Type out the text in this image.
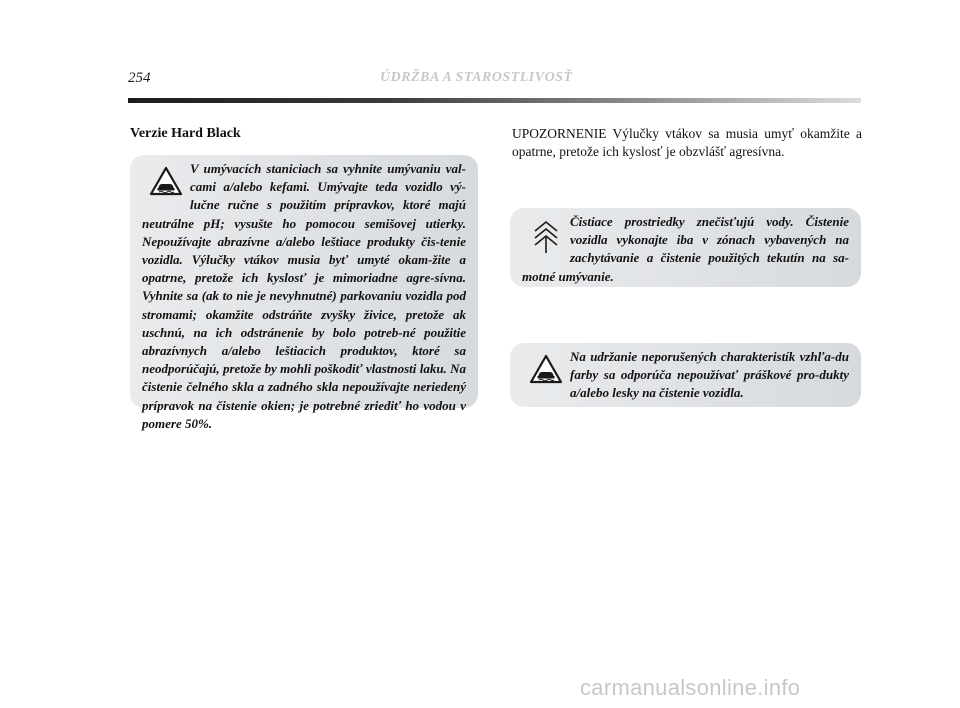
254	ÚDRŽBA A STAROSTLIVOSŤ
Verzie Hard Black

V umývacích staniciach sa vyhnite umývaniu val-cami a/alebo kefami. Umývajte teda vozidlo vý-lučne ručne s použitím prípravkov, ktoré majú neutrálne pH; vysušte ho pomocou semišovej utierky. Nepoužívajte abrazívne a/alebo leštiace produkty čis-tenie vozidla. Výlučky vtákov musia byť umyté okam-žite a opatrne, pretože ich kyslosť je mimoriadne agre-sívna. Vyhnite sa (ak to nie je nevyhnutné) parkovaniu vozidla pod stromami; okamžite odstráňte zvyšky živice, pretože ak uschnú, na ich odstránenie by bolo potreb-né použitie abrazívnych a/alebo leštiacich produktov, ktoré sa neodporúčajú, pretože by mohli poškodiť vlastnosti laku. Na čistenie čelného skla a zadného skla nepoužívajte neriedený prípravok na čistenie okien; je potrebné zriediť ho vodou v pomere 50%.

UPOZORNENIE Výlučky vtákov sa musia umyť okamžite a opatrne, pretože ich kyslosť je obzvlášť agresívna.

Čistiace prostriedky znečisťujú vody. Čistenie vozidla vykonajte iba v zónach vybavených na zachytávanie a čistenie použitých tekutín na sa-motné umývanie.

Na udržanie neporušených charakteristík vzhľa-du farby sa odporúča nepoužívať práškové pro-dukty a/alebo lesky na čistenie vozidla.

carmanualsonline.info
